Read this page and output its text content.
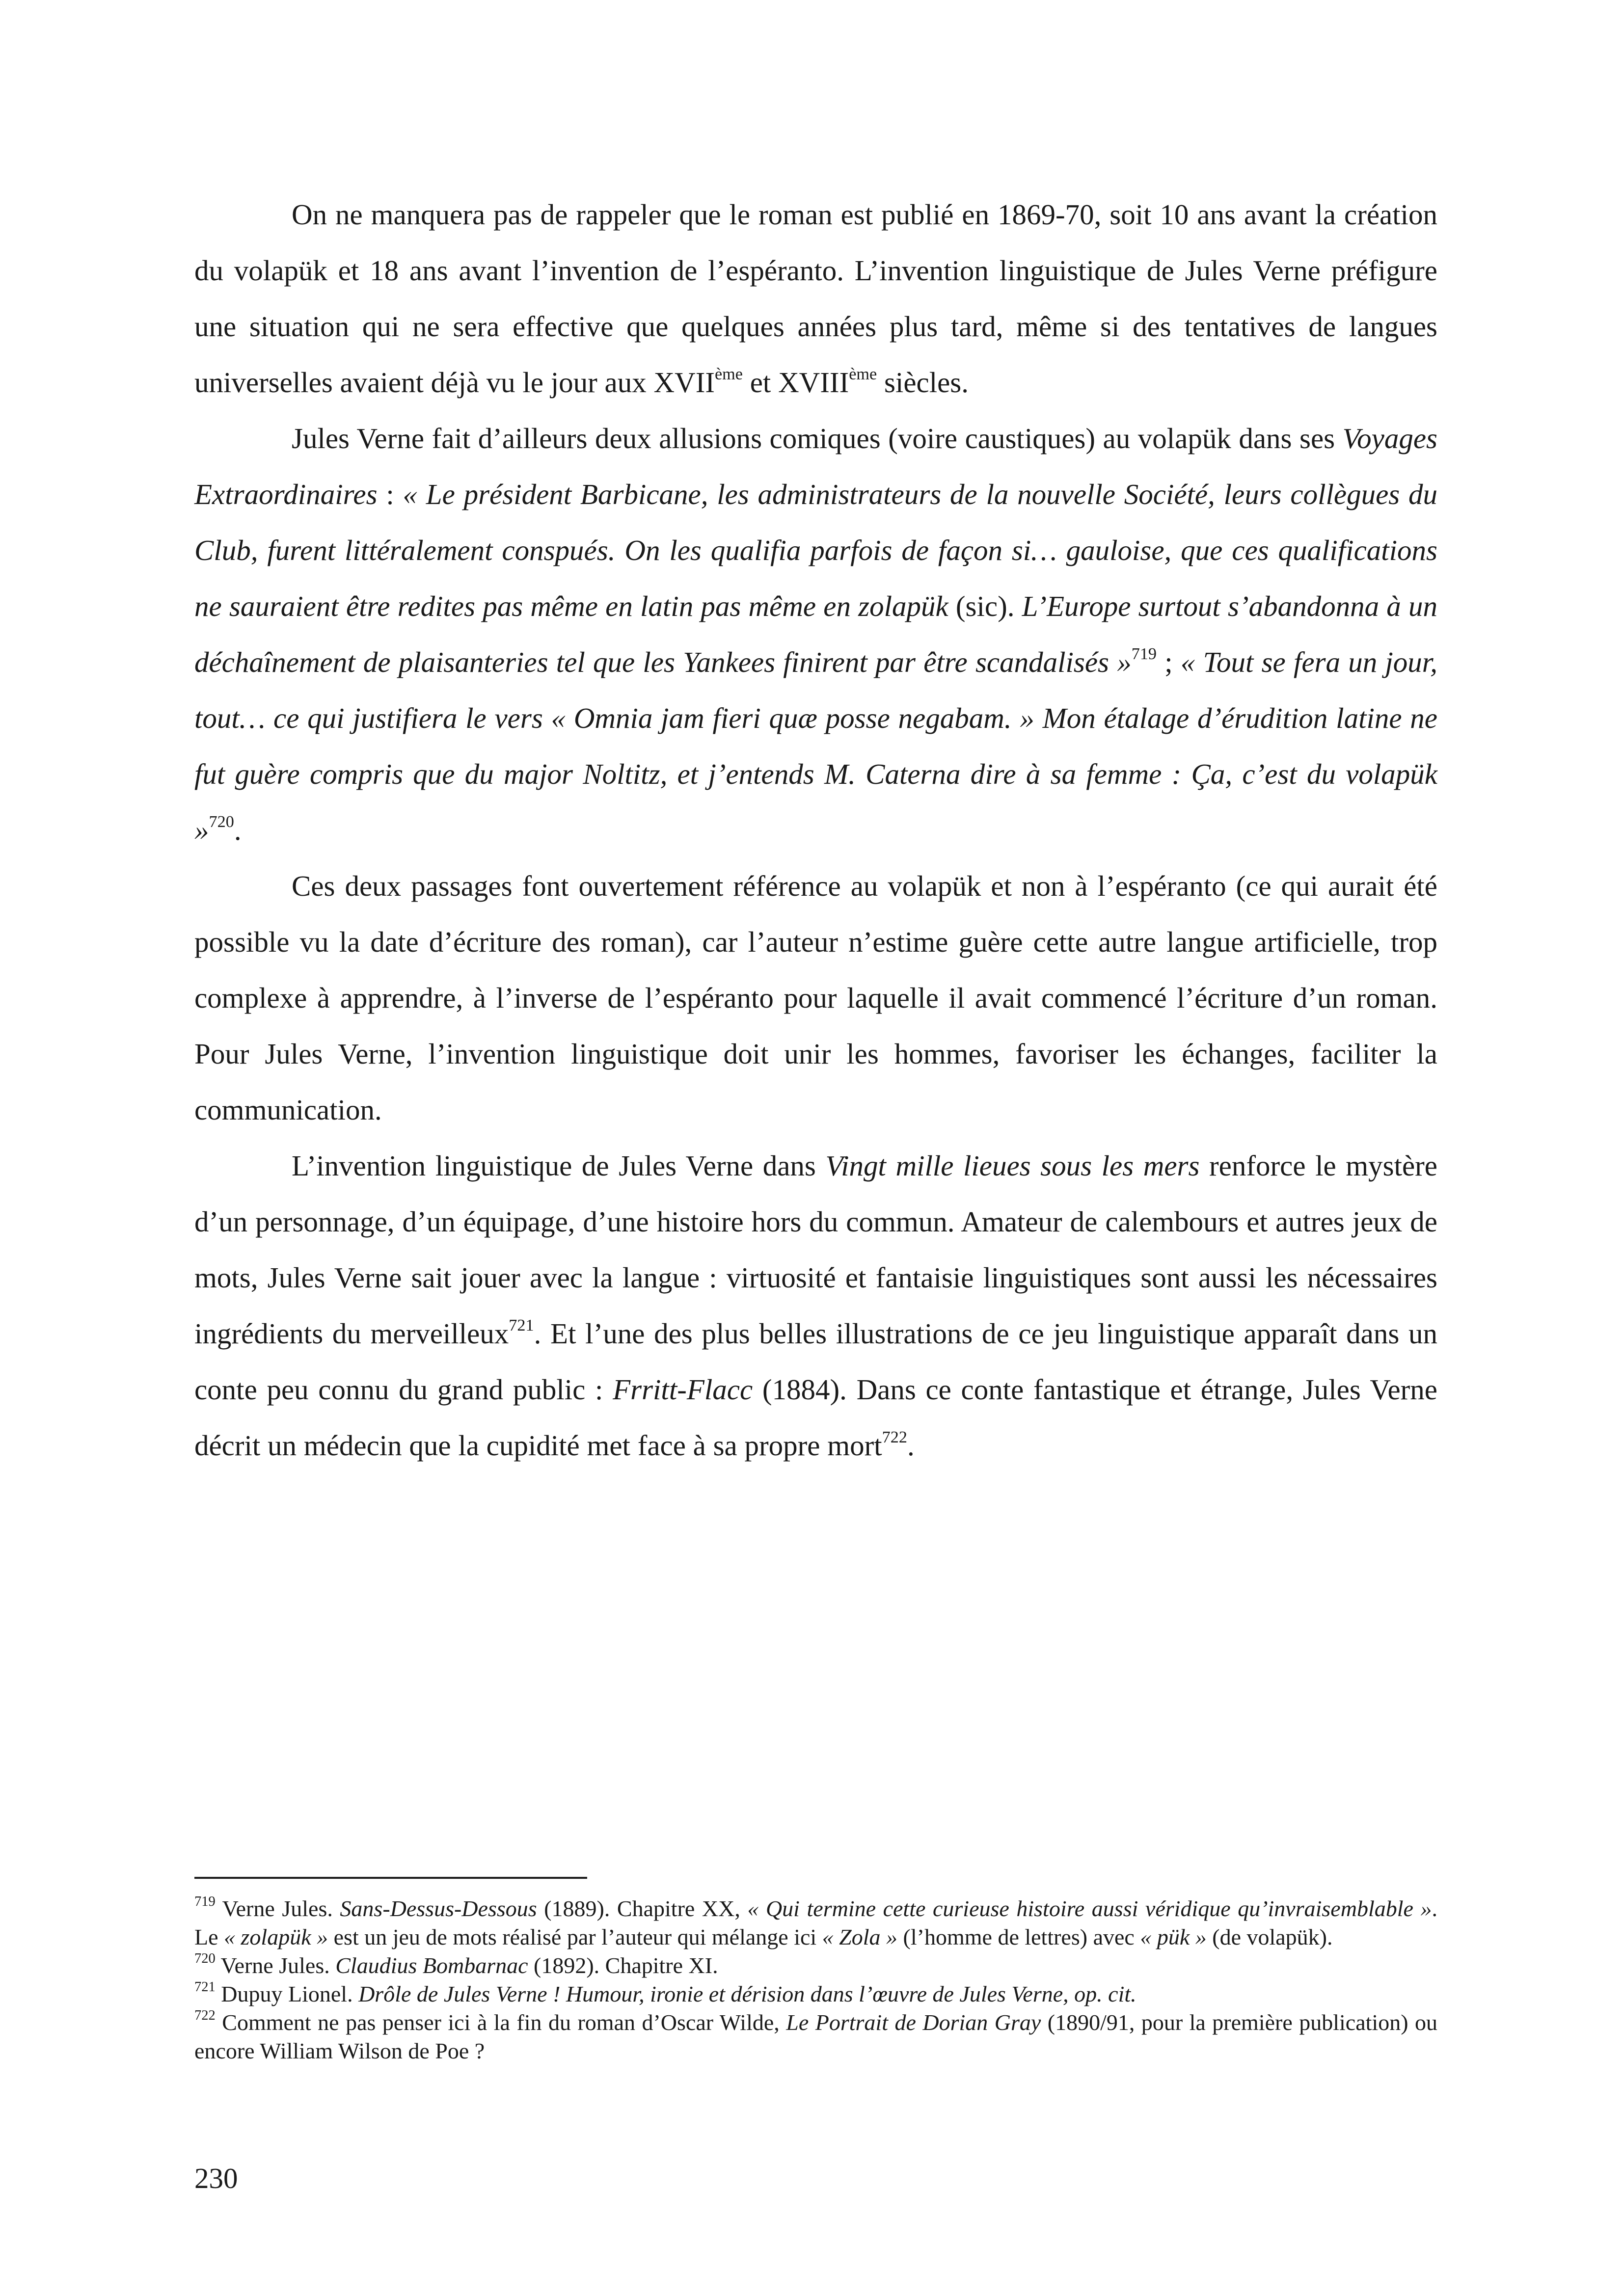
On ne manquera pas de rappeler que le roman est publié en 1869-70, soit 10 ans avant la création du volapük et 18 ans avant l’invention de l’espéranto. L’invention linguistique de Jules Verne préfigure une situation qui ne sera effective que quelques années plus tard, même si des tentatives de langues universelles avaient déjà vu le jour aux XVIIème et XVIIIème siècles.

Jules Verne fait d’ailleurs deux allusions comiques (voire caustiques) au volapük dans ses Voyages Extraordinaires : « Le président Barbicane, les administrateurs de la nouvelle Société, leurs collègues du Club, furent littéralement conspués. On les qualifia parfois de façon si… gauloise, que ces qualifications ne sauraient être redites pas même en latin pas même en zolapük (sic). L’Europe surtout s’abandonna à un déchaînement de plaisanteries tel que les Yankees finirent par être scandalisés »$^{719}$ ; « Tout se fera un jour, tout… ce qui justifiera le vers « Omnia jam fieri quæ posse negabam. » Mon étalage d’érudition latine ne fut guère compris que du major Noltitz, et j’entends M. Caterna dire à sa femme : Ça, c’est du volapük »$^{720}$.

Ces deux passages font ouvertement référence au volapük et non à l’espéranto (ce qui aurait été possible vu la date d’écriture des roman), car l’auteur n’estime guère cette autre langue artificielle, trop complexe à apprendre, à l’inverse de l’espéranto pour laquelle il avait commencé l’écriture d’un roman. Pour Jules Verne, l’invention linguistique doit unir les hommes, favoriser les échanges, faciliter la communication.

L’invention linguistique de Jules Verne dans Vingt mille lieues sous les mers renforce le mystère d’un personnage, d’un équipage, d’une histoire hors du commun. Amateur de calembours et autres jeux de mots, Jules Verne sait jouer avec la langue : virtuosité et fantaisie linguistiques sont aussi les nécessaires ingrédients du merveilleux$^{721}$. Et l’une des plus belles illustrations de ce jeu linguistique apparaît dans un conte peu connu du grand public : Frritt-Flacc (1884). Dans ce conte fantastique et étrange, Jules Verne décrit un médecin que la cupidité met face à sa propre mort$^{722}$.

$^{719}$ Verne Jules. Sans-Dessus-Dessous (1889). Chapitre XX, « Qui termine cette curieuse histoire aussi véridique qu’invraisemblable ». Le « zolapük » est un jeu de mots réalisé par l’auteur qui mélange ici « Zola » (l’homme de lettres) avec « pük » (de volapük).

$^{720}$ Verne Jules. Claudius Bombarnac (1892). Chapitre XI.

$^{721}$ Dupuy Lionel. Drôle de Jules Verne ! Humour, ironie et dérision dans l’œuvre de Jules Verne, op. cit.

$^{722}$ Comment ne pas penser ici à la fin du roman d’Oscar Wilde, Le Portrait de Dorian Gray (1890/91, pour la première publication) ou encore William Wilson de Poe ?

230
